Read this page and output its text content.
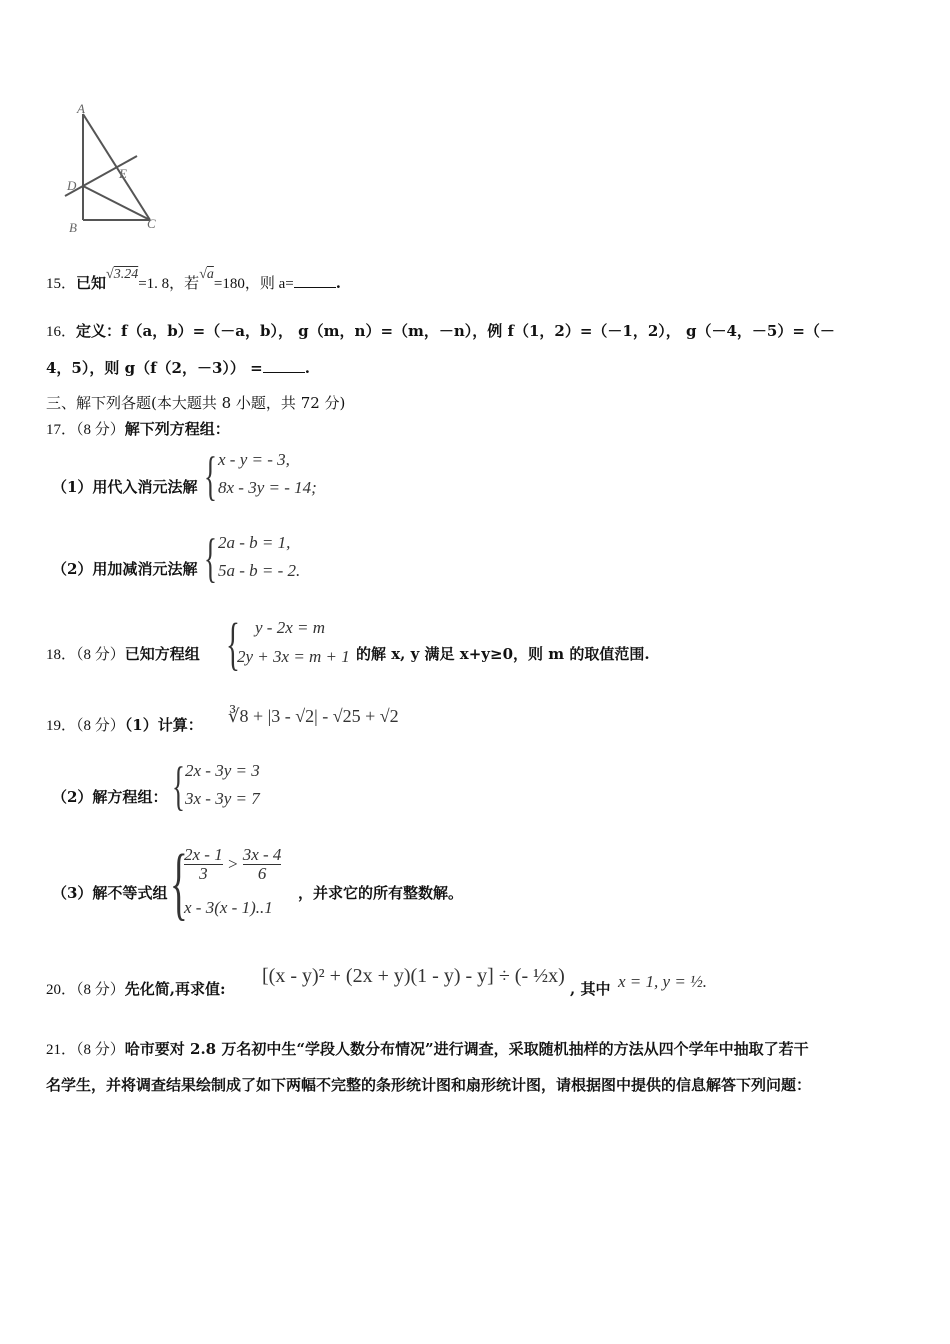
A
D
E
B	C
15．已知√3.24=1. 8，若√a=180，则 a=	.
16．定义：f（a，b）=（－a，b）， g（m，n）=（m，－n），例 f（1，2）=（－1，2）， g（－4，－5）=（－
4，5），则 g（f（2，－3）） =	.
三、解下列各题(本大题共 8 小题，共 72 分)
17．（8 分）解下列方程组：
（1）用代入消元法解 { x - y = - 3,
8x - 3y = - 14;
（2）用加减消元法解 { 2a - b = 1,
5a - b = - 2.
18．（8 分）已知方程组 { y - 2x = m
2y + 3x = m + 1 的解 x, y 满足 x+y≥0，则 m 的取值范围.
19．（8 分）（1）计算： ∛8 + |3 - √2| - √25 + √2
（2）解方程组： { 2x - 3y = 3
3x - 3y = 7
（3）解不等式组 {
$\frac{2x - 1}{3} > \frac{3x - 4}{6}$
x - 3(x - 1)..1
，并求它的所有整数解。
20．（8 分）先化简,再求值:
[(x - y)² + (2x + y)(1 - y) - y] ÷ (- ½x)
, 其中 x = 1, y = ½.
21．（8 分）哈市要对 2.8 万名初中生“学段人数分布情况”进行调查，采取随机抽样的方法从四个学年中抽取了若干
名学生，并将调查结果绘制成了如下两幅不完整的条形统计图和扇形统计图，请根据图中提供的信息解答下列问题：
